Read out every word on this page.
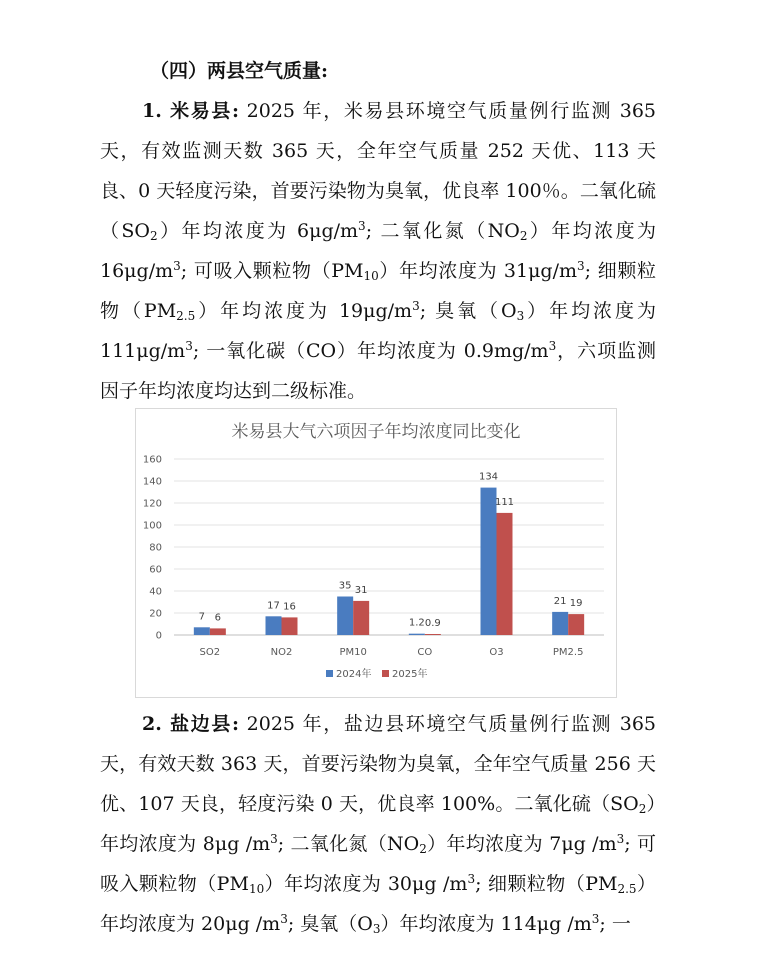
（四）两县空气质量:
1. 米易县: 2025 年，米易县环境空气质量例行监测 365 天，有效监测天数 365 天，全年空气质量 252 天优、113 天良、0 天轻度污染，首要污染物为臭氧，优良率 100％。二氧化硫$(SO_2)$年均浓度为 $6\mu g/m^3$; 二氧化氮$(NO_2)$年均浓度为 $16\mu g/m^3$; 可吸入颗粒物$(PM_{10})$年均浓度为 $31\mu g/m^3$; 细颗粒物$(PM_{2.5})$年均浓度为 $19\mu g/m^3$; 臭氧$(O_3)$年均浓度为 $111\mu g/m^3$; 一氧化碳（CO）年均浓度为 $0.9mg/m^3$，六项监测因子年均浓度均达到二级标准。
米易县大气六项因子年均浓度同比变化
0
20
40
60
80
100
120
140
160
7 6
SO2
17 16
NO2
35 31
PM10
1.2 0.9
CO
134
111
O3
21 19
PM2.5
2024年 2025年
2. 盐边县: 2025 年，盐边县环境空气质量例行监测 365 天，有效天数 363 天，首要污染物为臭氧，全年空气质量 256 天优、107 天良，轻度污染 0 天，优良率 100%。二氧化硫$(SO_2)$年均浓度为 8μg $/m^3$; 二氧化氮$(NO_2)$年均浓度为 7μg $/m^3$; 可吸入颗粒物$(PM_{10})$年均浓度为 30μg $/m^3$; 细颗粒物$(PM_{2.5})$年均浓度为 20μg $/m^3$; 臭氧$(O_3)$年均浓度为 114μg $/m^3$; 一
